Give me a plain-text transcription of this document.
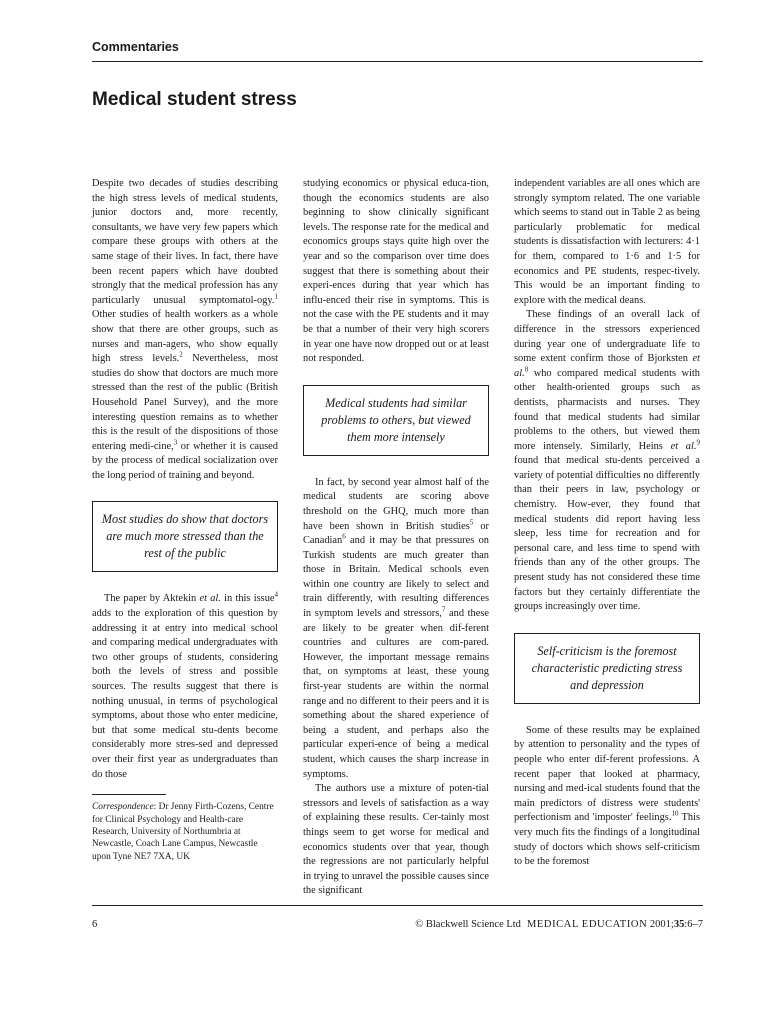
Commentaries
Medical student stress

Despite two decades of studies describing the high stress levels of medical students, junior doctors and, more recently, consultants, we have very few papers which compare these groups with others at the same stage of their lives. In fact, there have been recent papers which have doubted strongly that the medical profession has any particularly unusual symptomatol-ogy.$^1$ Other studies of health workers as a whole show that there are other groups, such as nurses and man-agers, who show equally high stress levels.$^2$ Nevertheless, most studies do show that doctors are much more stressed than the rest of the public (British Household Panel Survey), and the more interesting question remains as to whether this is the result of the dispositions of those entering medi-cine,$^3$ or whether it is caused by the process of medical socialization over the long period of training and beyond.

Most studies do show that doctors are much more stressed than the rest of the public

The paper by Aktekin et al. in this issue$^4$ adds to the exploration of this question by addressing it at entry into medical school and comparing medical undergraduates with two other groups of students, considering both the levels of stress and possible sources. The results suggest that there is nothing unusual, in terms of psychological symptoms, about those who enter medicine, but that some medical stu-dents become considerably more stres-sed and depressed over their first year as undergraduates than do those

Correspondence: Dr Jenny Firth-Cozens, Centre for Clinical Psychology and Health-care Research, University of Northumbria at Newcastle, Coach Lane Campus, Newcastle upon Tyne NE7 7XA, UK

studying economics or physical educa-tion, though the economics students are also beginning to show clinically significant levels. The response rate for the medical and economics groups stays quite high over the year and so the comparison over time does suggest that there is something about their experi-ences during that year which has influ-enced their rise in symptoms. This is not the case with the PE students and it may be that a number of their very high scorers in year one have now dropped out or at least not responded.

Medical students had similar problems to others, but viewed them more intensely

In fact, by second year almost half of the medical students are scoring above threshold on the GHQ, much more than have been shown in British studies$^5$ or Canadian$^6$ and it may be that pressures on Turkish students are much greater than those in Britain. Medical schools even within one country are likely to select and train differently, with resulting differences in symptom levels and stressors,$^7$ and these are likely to be greater when dif-ferent countries and cultures are com-pared. However, the important message remains that, on symptoms at least, these young first-year students are within the normal range and no different to their peers and it is something about the shared experience of being a student, and perhaps also the particular experi-ence of being a medical student, which causes the sharp increase in symptoms.

The authors use a mixture of poten-tial stressors and levels of satisfaction as a way of explaining these results. Cer-tainly most things seem to get worse for medical and economics students over that year, though the regressions are not particularly helpful in trying to unravel the possible causes since the significant

independent variables are all ones which are strongly symptom related. The one variable which seems to stand out in Table 2 as being particularly problematic for medical students is dissatisfaction with lecturers: 4·1 for them, compared to 1·6 and 1·5 for economics and PE students, respec-tively. This would be an important finding to explore with the medical deans.

These findings of an overall lack of difference in the stressors experienced during year one of undergraduate life to some extent confirm those of Bjorksten et al.$^8$ who compared medical students with other health-oriented groups such as dentists, pharmacists and nurses. They found that medical students had similar problems to the others, but viewed them more intensely. Similarly, Heins et al.$^9$ found that medical stu-dents perceived a variety of potential difficulties no differently than their peers in law, psychology or chemistry. How-ever, they found that medical students did report having less sleep, less time for recreation and for personal care, and less time to spend with friends than any of the other groups. The present study has not considered these time factors but they certainly differentiate the groups increasingly over time.

Self-criticism is the foremost characteristic predicting stress and depression

Some of these results may be explained by attention to personality and the types of people who enter dif-ferent professions. A recent paper that looked at pharmacy, nursing and med-ical students found that the main predictors of distress were students' perfectionism and 'imposter' feelings.$^{10}$ This very much fits the findings of a longitudinal study of doctors which shows self-criticism to be the foremost

6	© Blackwell Science Ltd MEDICAL EDUCATION 2001;35:6–7
